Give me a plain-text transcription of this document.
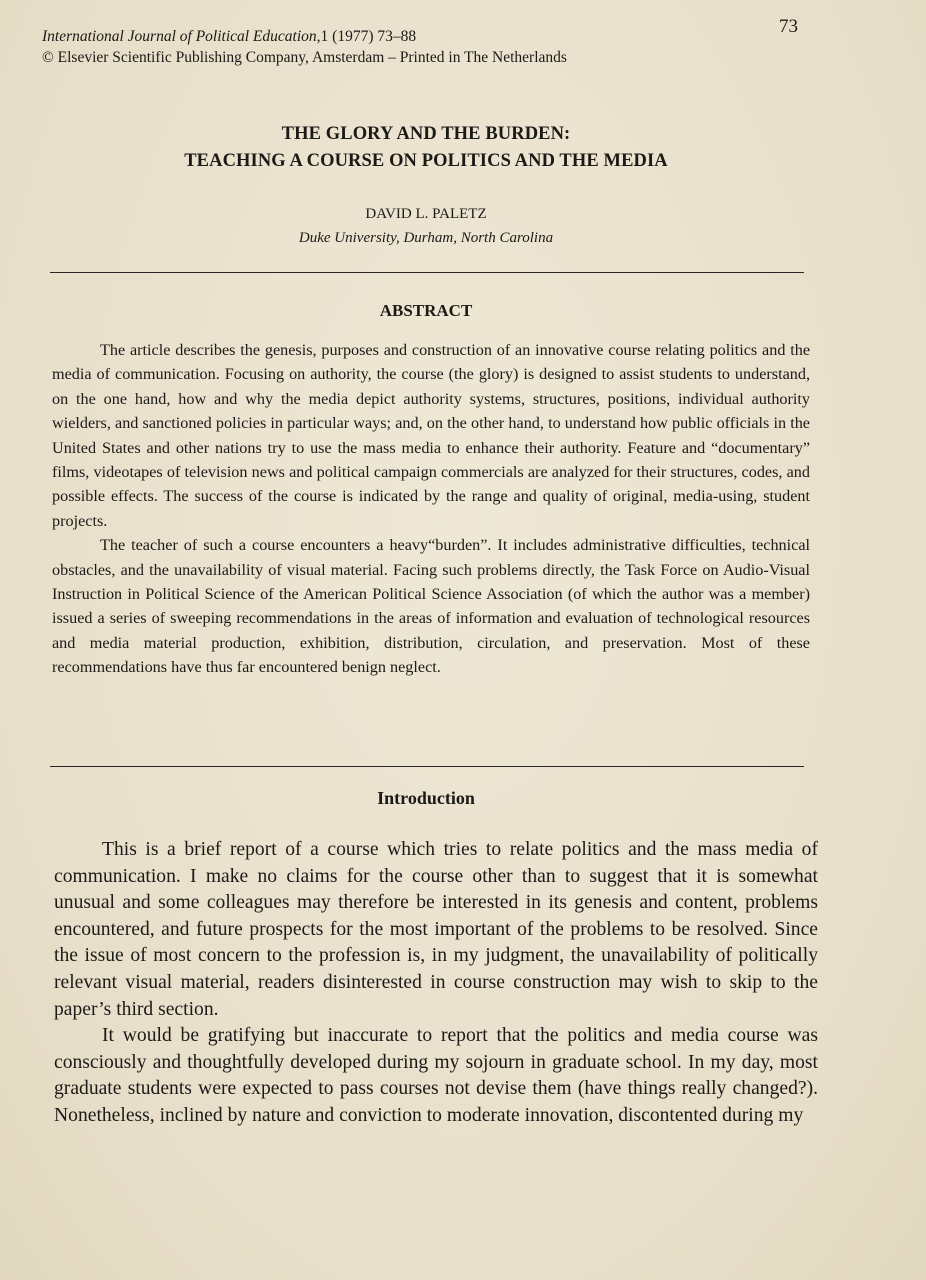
International Journal of Political Education,1 (1977) 73–88
© Elsevier Scientific Publishing Company, Amsterdam – Printed in The Netherlands
73
THE GLORY AND THE BURDEN:
TEACHING A COURSE ON POLITICS AND THE MEDIA
DAVID L. PALETZ
Duke University, Durham, North Carolina
ABSTRACT

The article describes the genesis, purposes and construction of an innovative course relating politics and the media of communication. Focusing on authority, the course (the glory) is designed to assist students to understand, on the one hand, how and why the media depict authority systems, structures, positions, individual authority wielders, and sanctioned policies in particular ways; and, on the other hand, to understand how public officials in the United States and other nations try to use the mass media to enhance their authority. Feature and “documentary” films, videotapes of television news and political campaign commercials are analyzed for their structures, codes, and possible effects. The success of the course is indicated by the range and quality of original, media-using, student projects.

The teacher of such a course encounters a heavy“burden”. It includes administrative difficulties, technical obstacles, and the unavailability of visual material. Facing such problems directly, the Task Force on Audio-Visual Instruction in Political Science of the American Political Science Association (of which the author was a member) issued a series of sweeping recommendations in the areas of information and evaluation of technological resources and media material production, exhibition, distribution, circulation, and preservation. Most of these recommendations have thus far encountered benign neglect.

Introduction

This is a brief report of a course which tries to relate politics and the mass media of communication. I make no claims for the course other than to suggest that it is somewhat unusual and some colleagues may therefore be interested in its genesis and content, problems encountered, and future prospects for the most important of the problems to be resolved. Since the issue of most concern to the profession is, in my judgment, the unavailability of politically relevant visual material, readers disinterested in course construction may wish to skip to the paper’s third section.

It would be gratifying but inaccurate to report that the politics and media course was consciously and thoughtfully developed during my sojourn in graduate school. In my day, most graduate students were expected to pass courses not devise them (have things really changed?). Nonetheless, inclined by nature and conviction to moderate innovation, discontented during my
